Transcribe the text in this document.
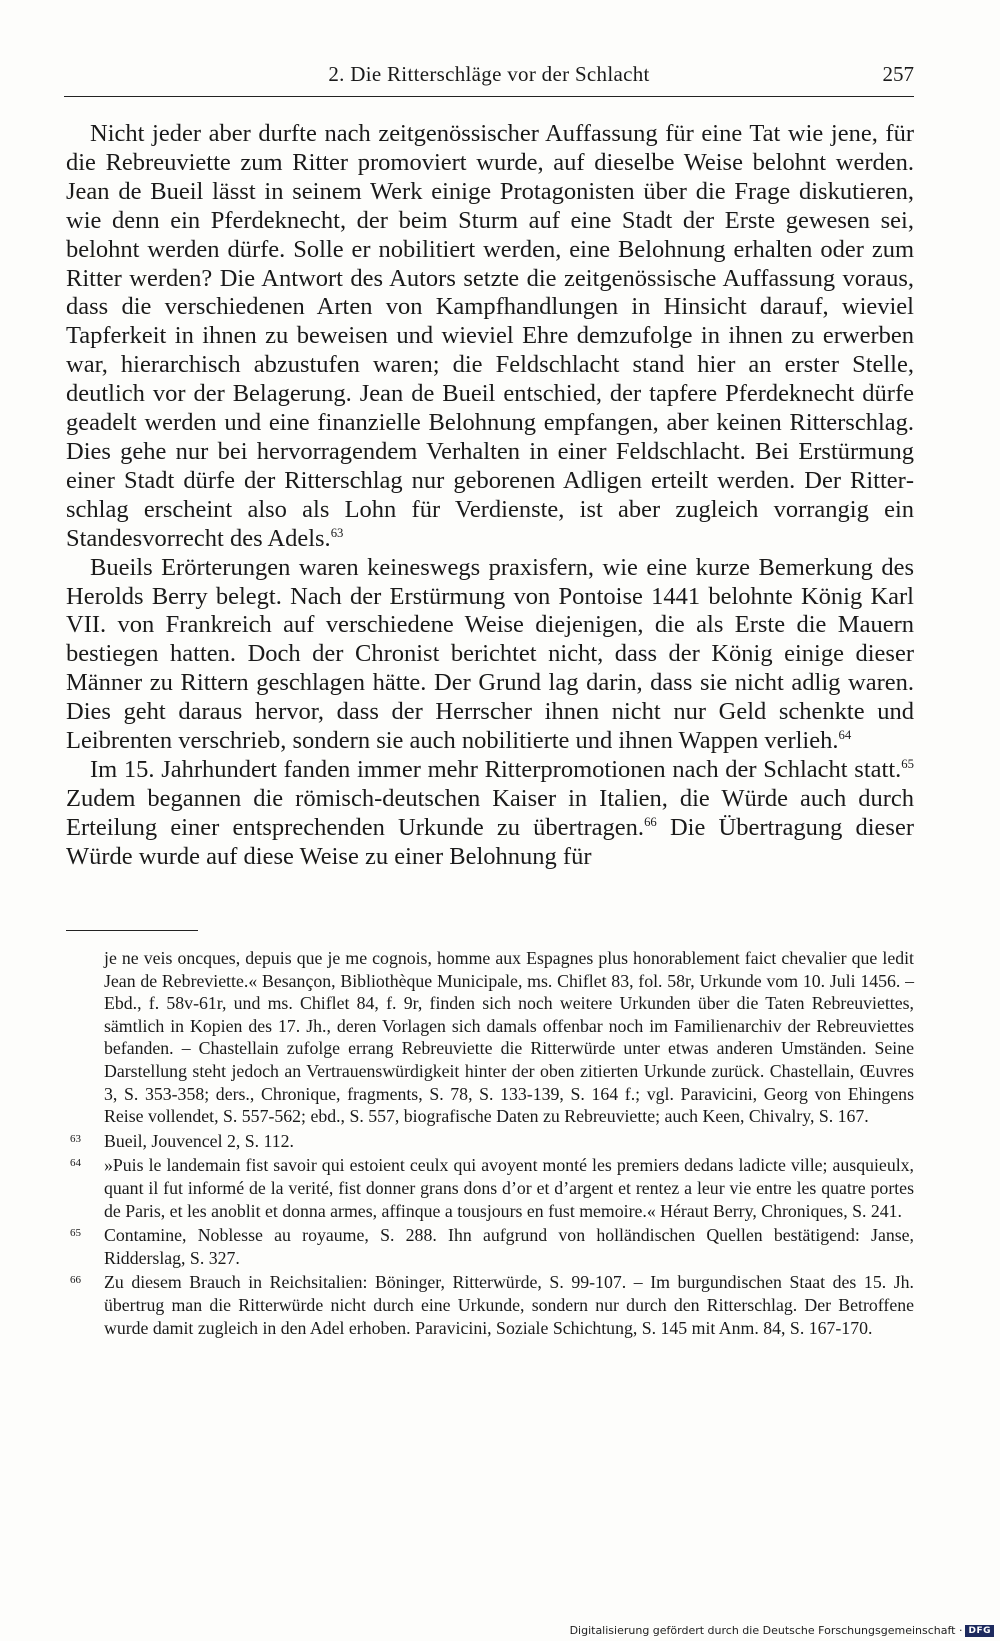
2. Die Ritterschläge vor der Schlacht	257

Nicht jeder aber durfte nach zeitgenössischer Auffassung für eine Tat wie jene, für die Rebreuviette zum Ritter promoviert wurde, auf dieselbe Weise belohnt werden. Jean de Bueil lässt in seinem Werk einige Protagonisten über die Frage diskutieren, wie denn ein Pferdeknecht, der beim Sturm auf eine Stadt der Erste gewesen sei, belohnt werden dürfe. Solle er nobilitiert werden, eine Belohnung erhalten oder zum Ritter werden? Die Antwort des Autors setzte die zeitgenössische Auffassung voraus, dass die verschiedenen Arten von Kampfhandlungen in Hinsicht darauf, wieviel Tapferkeit in ihnen zu beweisen und wieviel Ehre demzufolge in ihnen zu erwerben war, hierarchisch abzustufen waren; die Feldschlacht stand hier an erster Stelle, deutlich vor der Belagerung. Jean de Bueil entschied, der tapfere Pferdeknecht dürfe geadelt werden und eine finanzielle Belohnung empfangen, aber keinen Ritterschlag. Dies gehe nur bei hervorragendem Verhalten in einer Feldschlacht. Bei Erstürmung einer Stadt dürfe der Ritterschlag nur geborenen Adligen erteilt werden. Der Ritterschlag erscheint also als Lohn für Verdienste, ist aber zugleich vorrangig ein Standesvorrecht des Adels.$^{63}$

Bueils Erörterungen waren keineswegs praxisfern, wie eine kurze Bemerkung des Herolds Berry belegt. Nach der Erstürmung von Pontoise 1441 belohnte König Karl VII. von Frankreich auf verschiedene Weise diejenigen, die als Erste die Mauern bestiegen hatten. Doch der Chronist berichtet nicht, dass der König einige dieser Männer zu Rittern geschlagen hätte. Der Grund lag darin, dass sie nicht adlig waren. Dies geht daraus hervor, dass der Herrscher ihnen nicht nur Geld schenkte und Leibrenten verschrieb, sondern sie auch nobilitierte und ihnen Wappen verlieh.$^{64}$

Im 15. Jahrhundert fanden immer mehr Ritterpromotionen nach der Schlacht statt.$^{65}$ Zudem begannen die römisch-deutschen Kaiser in Italien, die Würde auch durch Erteilung einer entsprechenden Urkunde zu übertragen.$^{66}$ Die Übertragung dieser Würde wurde auf diese Weise zu einer Belohnung für

je ne veis oncques, depuis que je me cognois, homme aux Espagnes plus honorablement faict chevalier que ledit Jean de Rebreviette.« Besançon, Bibliothèque Municipale, ms. Chiflet 83, fol. 58r, Urkunde vom 10. Juli 1456. – Ebd., f. 58v-61r, und ms. Chiflet 84, f. 9r, finden sich noch weitere Urkunden über die Taten Rebreuviettes, sämtlich in Kopien des 17. Jh., deren Vorlagen sich damals offenbar noch im Familienarchiv der Rebreuviettes befanden. – Chastellain zufolge errang Rebreuviette die Ritterwürde unter etwas anderen Umständen. Seine Darstellung steht jedoch an Vertrauenswürdigkeit hinter der oben zitierten Urkunde zurück. Chastellain, Œuvres 3, S. 353-358; ders., Chronique, fragments, S. 78, S. 133-139, S. 164 f.; vgl. Paravicini, Georg von Ehingens Reise vollendet, S. 557-562; ebd., S. 557, biografische Daten zu Rebreuviette; auch Keen, Chivalry, S. 167.
63 Bueil, Jouvencel 2, S. 112.
64 »Puis le landemain fist savoir qui estoient ceulx qui avoyent monté les premiers dedans ladicte ville; ausquieulx, quant il fut informé de la verité, fist donner grans dons d’or et d’argent et rentez a leur vie entre les quatre portes de Paris, et les anoblit et donna armes, affinque a tousjours en fust memoire.« Héraut Berry, Chroniques, S. 241.
65 Contamine, Noblesse au royaume, S. 288. Ihn aufgrund von holländischen Quellen bestätigend: Janse, Ridderslag, S. 327.
66 Zu diesem Brauch in Reichsitalien: Böninger, Ritterwürde, S. 99-107. – Im burgundischen Staat des 15. Jh. übertrug man die Ritterwürde nicht durch eine Urkunde, sondern nur durch den Ritterschlag. Der Betroffene wurde damit zugleich in den Adel erhoben. Paravicini, Soziale Schichtung, S. 145 mit Anm. 84, S. 167-170.
Digitalisierung gefördert durch die Deutsche Forschungsgemeinschaft · DFG
